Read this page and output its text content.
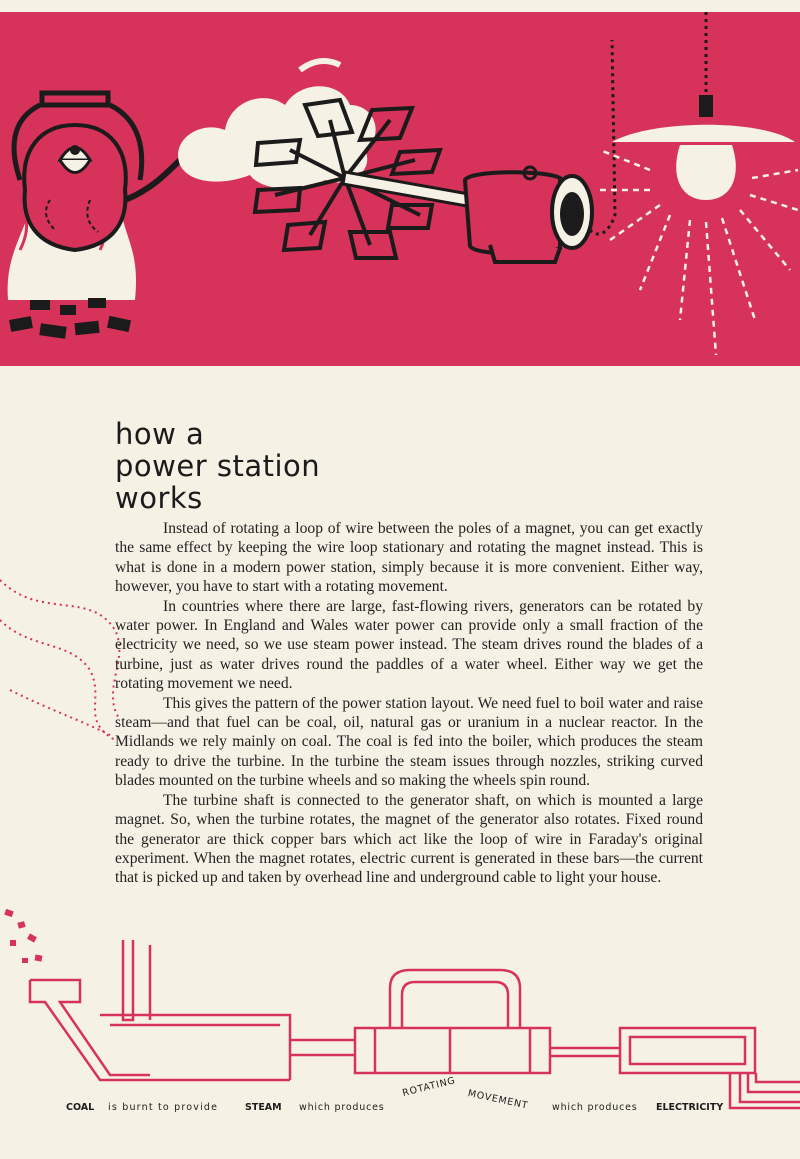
how a
power station
works

Instead of rotating a loop of wire between the poles of a magnet, you can get exactly the same effect by keeping the wire loop stationary and rotating the magnet instead. This is what is done in a modern power station, simply because it is more convenient. Either way, however, you have to start with a rotating movement.

In countries where there are large, fast-flowing rivers, generators can be rotated by water power. In England and Wales water power can provide only a small fraction of the electricity we need, so we use steam power instead. The steam drives round the blades of a turbine, just as water drives round the paddles of a water wheel. Either way we get the rotating movement we need.

This gives the pattern of the power station layout. We need fuel to boil water and raise steam—and that fuel can be coal, oil, natural gas or uranium in a nuclear reactor. In the Midlands we rely mainly on coal. The coal is fed into the boiler, which produces the steam ready to drive the turbine. In the turbine the steam issues through nozzles, striking curved blades mounted on the turbine wheels and so making the wheels spin round.

The turbine shaft is connected to the generator shaft, on which is mounted a large magnet. So, when the turbine rotates, the magnet of the generator also rotates. Fixed round the generator are thick copper bars which act like the loop of wire in Faraday's original experiment. When the magnet rotates, electric current is generated in these bars—the current that is picked up and taken by overhead line and underground cable to light your house.

COAL is burnt to provide	STEAM which produces
ROTATING
MOVEMENT which produces ELECTRICITY
